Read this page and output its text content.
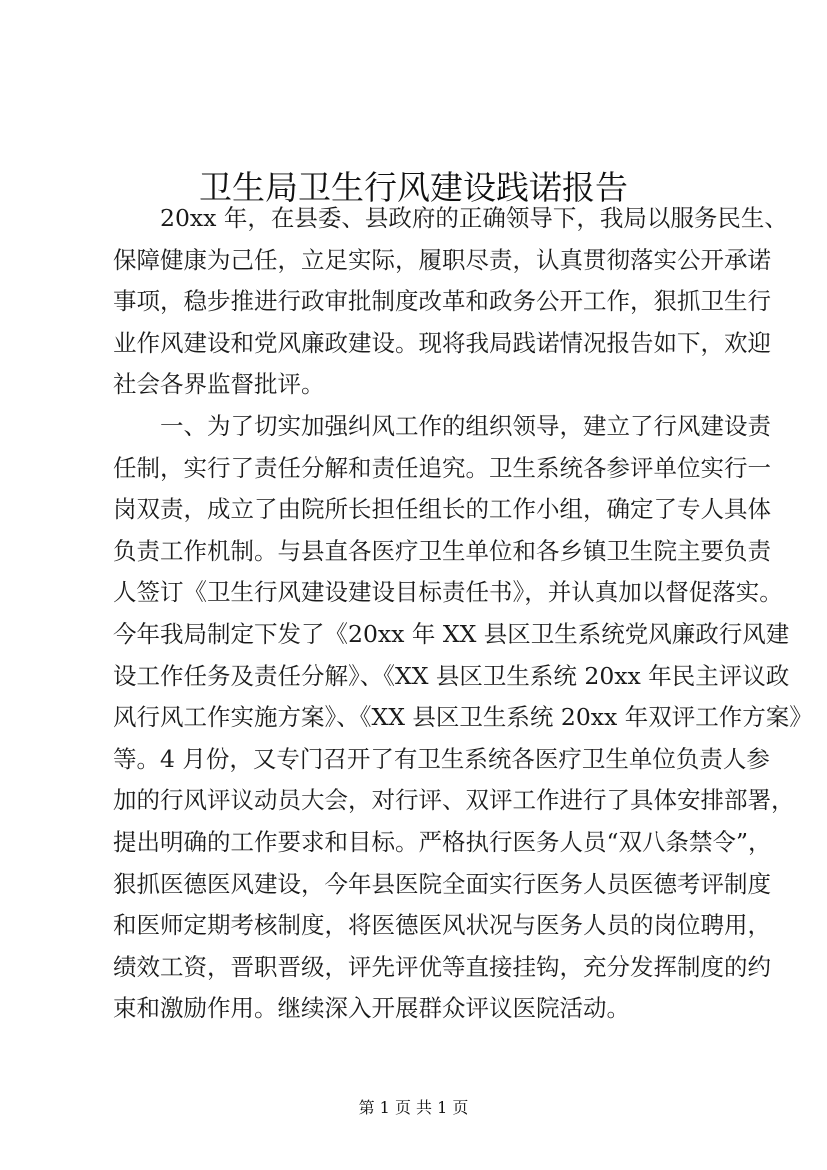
卫生局卫生行风建设践诺报告
20xx 年，在县委、县政府的正确领导下，我局以服务民生、
保障健康为己任，立足实际，履职尽责，认真贯彻落实公开承诺
事项，稳步推进行政审批制度改革和政务公开工作，狠抓卫生行
业作风建设和党风廉政建设。现将我局践诺情况报告如下，欢迎
社会各界监督批评。
一、为了切实加强纠风工作的组织领导，建立了行风建设责
任制，实行了责任分解和责任追究。卫生系统各参评单位实行一
岗双责，成立了由院所长担任组长的工作小组，确定了专人具体
负责工作机制。与县直各医疗卫生单位和各乡镇卫生院主要负责
人签订《卫生行风建设建设目标责任书》，并认真加以督促落实。
今年我局制定下发了《20xx 年 XX 县区卫生系统党风廉政行风建
设工作任务及责任分解》、《XX 县区卫生系统 20xx 年民主评议政
风行风工作实施方案》、《XX 县区卫生系统 20xx 年双评工作方案》
等。4 月份，又专门召开了有卫生系统各医疗卫生单位负责人参
加的行风评议动员大会，对行评、双评工作进行了具体安排部署，
提出明确的工作要求和目标。严格执行医务人员“双八条禁令”，
狠抓医德医风建设，今年县医院全面实行医务人员医德考评制度
和医师定期考核制度，将医德医风状况与医务人员的岗位聘用，
绩效工资，晋职晋级，评先评优等直接挂钩，充分发挥制度的约
束和激励作用。继续深入开展群众评议医院活动。
第 1 页 共 1 页
